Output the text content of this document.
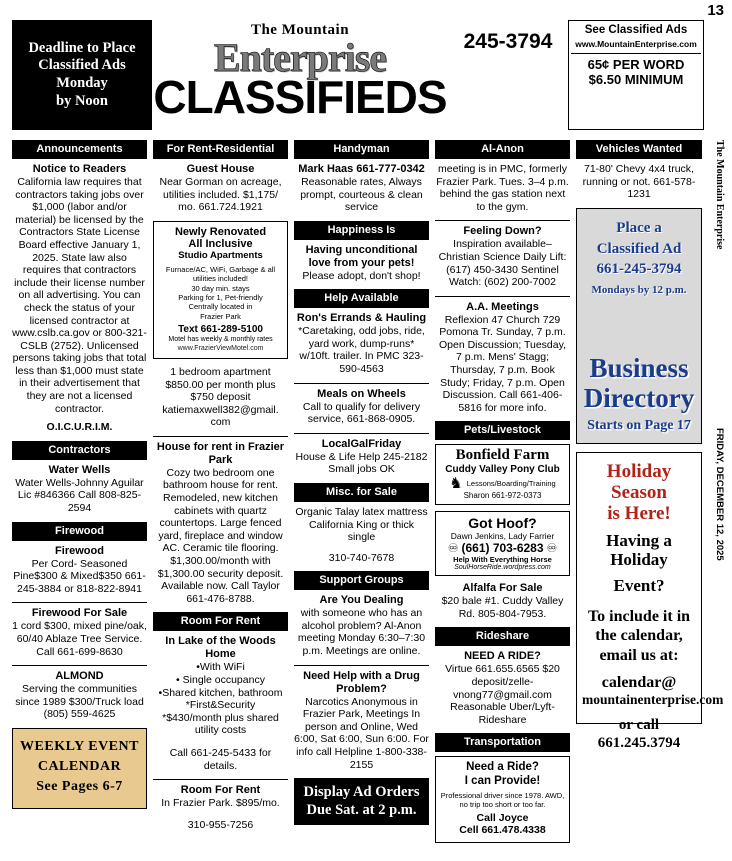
13
Deadline to Place
Classified Ads
Monday
by Noon
The Mountain
Enterprise
CLASSIFIEDS
245-3794	See Classified Ads
www.MountainEnterprise.com
65¢ PER WORD
$6.50 MINIMUM
The Mountain Enterprise
FRIDAY, DECEMBER 12, 2025
Announcements
Notice to Readers
California law requires that contractors taking jobs over $1,000 (labor and/or material) be licensed by the Contractors State License Board effective January 1, 2025. State law also requires that contractors include their license number on all advertising. You can check the status of your licensed contractor at www.cslb.ca.gov or 800-321-CSLB (2752). Unlicensed persons taking jobs that total less than $1,000 must state in their advertisement that they are not a licensed contractor.
O.I.C.U.R.I.M.
Contractors
Water Wells
Water Wells-Johnny Aguilar Lic #846366 Call 808-825-2594
Firewood
Firewood
Per Cord- Seasoned Pine$300 & Mixed$350 661-245-3884 or 818-822-8941
Firewood For Sale
1 cord $300, mixed pine/oak, 60/40 Ablaze Tree Service. Call 661-699-8630
ALMOND
Serving the communities since 1989 $300/Truck load (805) 559-4625
WEEKLY EVENT
CALENDAR
See Pages 6-7
For Rent-Residential
Guest House
Near Gorman on acreage, utilities included. $1,175/ mo. 661.724.1921
Newly Renovated
All Inclusive
Studio Apartments
Furnace/AC, WiFi, Garbage & all utilities included!
30 day min. stays
Parking for 1, Pet-friendly
Centrally located in
Frazier Park
Text 661-289-5100
Motel has weekly & monthly rates
www.FrazierViewMotel.com
1 bedroom apartment $850.00 per month plus $750 deposit katiemaxwell382@gmail. com
House for rent in Frazier Park
Cozy two bedroom one bathroom house for rent. Remodeled, new kitchen cabinets with quartz countertops. Large fenced yard, fireplace and window AC. Ceramic tile flooring. $1,300.00/month with $1,300.00 security deposit. Available now. Call Taylor 661-476-8788.
Room For Rent
In Lake of the Woods Home
•With WiFi
• Single occupancy
•Shared kitchen, bathroom
*First&Security
*$430/month plus shared utility costs
Call 661-245-5433 for details.
Room For Rent
In Frazier Park. $895/mo.
310-955-7256
Handyman
Mark Haas 661-777-0342
Reasonable rates, Always prompt, courteous & clean service
Happiness Is
Having unconditional love from your pets!
Please adopt, don't shop!
Help Available
Ron's Errands & Hauling
*Caretaking, odd jobs, ride, yard work, dump-runs* w/10ft. trailer. In PMC 323-590-4563
Meals on Wheels
Call to qualify for delivery service, 661-868-0905.
LocalGalFriday
House & Life Help 245-2182 Small jobs OK
Misc. for Sale
Organic Talay latex mattress California King or thick single
310-740-7678
Support Groups
Are You Dealing
with someone who has an alcohol problem? Al-Anon meeting Monday 6:30–7:30 p.m. Meetings are online.
Need Help with a Drug Problem?
Narcotics Anonymous in Frazier Park, Meetings In person and Online, Wed 6:00, Sat 6:00, Sun 6:00. For info call Helpline 1-800-338-2155
Display Ad Orders
Due Sat. at 2 p.m.
Al-Anon
meeting is in PMC, formerly Frazier Park. Tues. 3–4 p.m. behind the gas station next to the gym.
Feeling Down?
Inspiration available– Christian Science Daily Lift: (617) 450-3430 Sentinel Watch: (602) 200-7002
A.A. Meetings
Reflexion 47 Church 729 Pomona Tr. Sunday, 7 p.m. Open Discussion; Tuesday, 7 p.m. Mens' Stagg; Thursday, 7 p.m. Book Study; Friday, 7 p.m. Open Discussion. Call 661-406-5816 for more info.
Pets/Livestock
Bonfield Farm
Cuddy Valley Pony Club
♞ Lessons/Boarding/Training
Sharon 661-972-0373
Got Hoof?
Dawn Jenkins, Lady Farrier
♾ (661) 703-6283 ♾
Help With Everything Horse
SoulHorseRide.wordpress.com
Alfalfa For Sale
$20 bale #1. Cuddy Valley Rd. 805-804-7953.
Rideshare
NEED A RIDE?
Virtue 661.655.6565 $20 deposit/zelle-vnong77@gmail.com Reasonable Uber/Lyft-Rideshare
Transportation
Need a Ride?
I can Provide!
Professional driver since 1978. AWD, no trip too short or too far.
Call Joyce
Cell 661.478.4338
Vehicles Wanted
71-80' Chevy 4x4 truck, running or not. 661-578-1231
Place a
Classified Ad
661-245-3794
Mondays by 12 p.m.
Business
Directory
Starts on Page 17
Holiday Season
is Here!
Having a Holiday
Event?
To include it in
the calendar,
email us at:
calendar@
mountainenterprise.com
or call 661.245.3794
